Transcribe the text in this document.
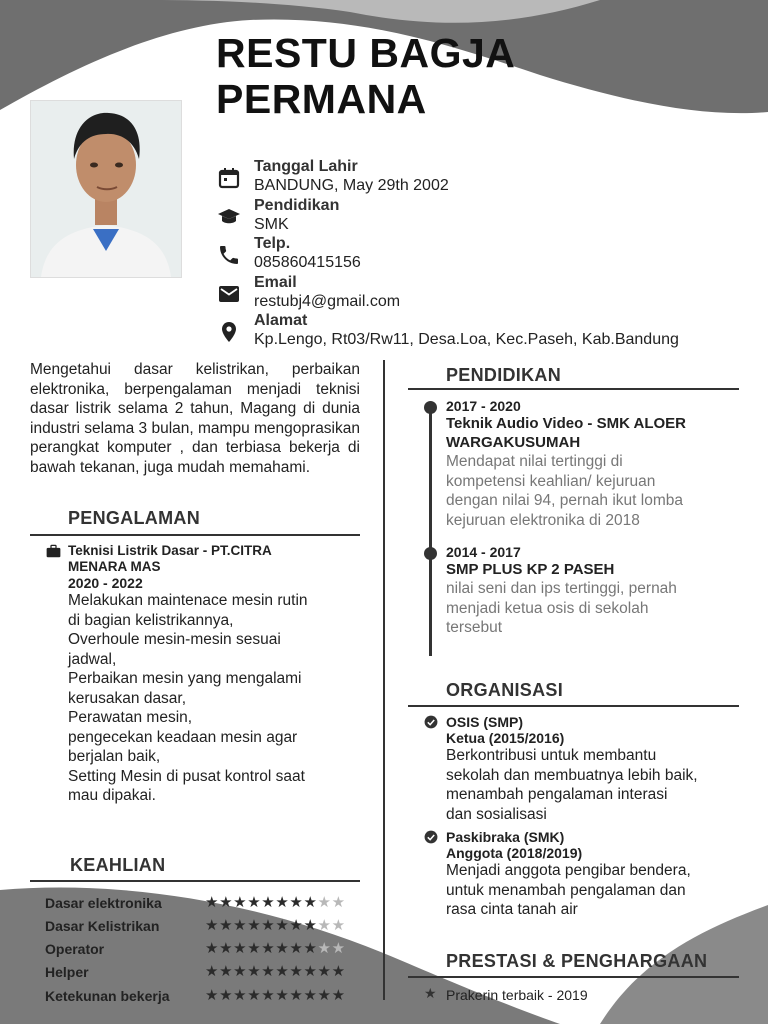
RESTU BAGJA
PERMANA
Tanggal Lahir
BANDUNG, May 29th 2002
Pendidikan
SMK
Telp.
085860415156
Email
restubj4@gmail.com
Alamat
Kp.Lengo, Rt03/Rw11, Desa.Loa, Kec.Paseh, Kab.Bandung
Mengetahui dasar kelistrikan, perbaikan elektronika, berpengalaman menjadi teknisi dasar listrik selama 2 tahun, Magang di dunia industri selama 3 bulan, mampu mengoprasikan perangkat komputer , dan terbiasa bekerja di bawah tekanan, juga mudah memahami.
PENGALAMAN
Teknisi Listrik Dasar - PT.CITRA
MENARA MAS
2020 - 2022
Melakukan maintenace mesin rutin
di bagian kelistrikannya,
Overhoule mesin-mesin sesuai
jadwal,
Perbaikan mesin yang mengalami
kerusakan dasar,
Perawatan mesin,
pengecekan keadaan mesin agar
berjalan baik,
Setting Mesin di pusat kontrol saat
mau dipakai.
KEAHLIAN
Dasar elektronika	★★★★★★★★★★
Dasar Kelistrikan	★★★★★★★★★★
Operator	★★★★★★★★★★
Helper	★★★★★★★★★★
Ketekunan bekerja ★★★★★★★★★★
PENDIDIKAN
2017 - 2020
Teknik Audio Video - SMK ALOER
WARGAKUSUMAH
Mendapat nilai tertinggi di
kompetensi keahlian/ kejuruan
dengan nilai 94, pernah ikut lomba
kejuruan elektronika di 2018
2014 - 2017
SMP PLUS KP 2 PASEH
nilai seni dan ips tertinggi, pernah
menjadi ketua osis di sekolah
tersebut
ORGANISASI
OSIS (SMP)
Ketua (2015/2016)
Berkontribusi untuk membantu
sekolah dan membuatnya lebih baik,
menambah pengalaman interasi
dan sosialisasi
Paskibraka (SMK)
Anggota (2018/2019)
Menjadi anggota pengibar bendera,
untuk menambah pengalaman dan
rasa cinta tanah air
PRESTASI & PENGHARGAAN
★ Prakerin terbaik - 2019
